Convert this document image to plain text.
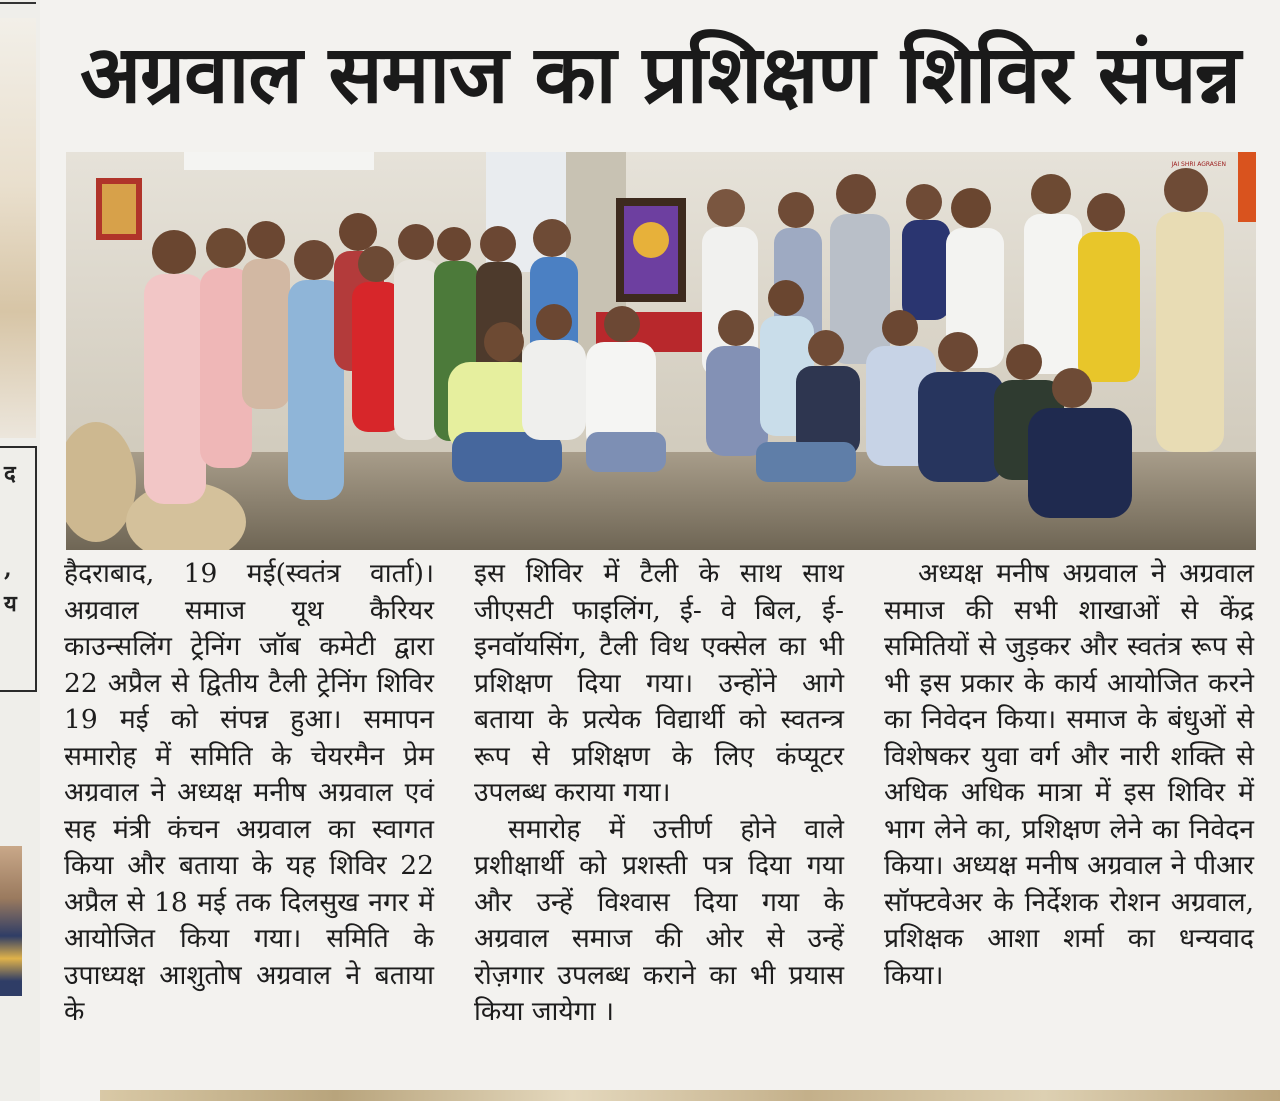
द
,
य
अग्रवाल समाज का प्रशिक्षण शिविर संपन्न
JAI SHRI AGRASEN

हैदराबाद, 19 मई(स्वतंत्र वार्ता)। अग्रवाल समाज यूथ कैरियर काउन्सलिंग ट्रेनिंग जॉब कमेटी द्वारा 22 अप्रैल से द्वितीय टैली ट्रेनिंग शिविर 19 मई को संपन्न हुआ। समापन समारोह में समिति के चेयरमैन प्रेम अग्रवाल ने अध्यक्ष मनीष अग्रवाल एवं सह मंत्री कंचन अग्रवाल का स्वागत किया और बताया के यह शिविर 22 अप्रैल से 18 मई तक दिलसुख नगर में आयोजित किया गया। समिति के उपाध्यक्ष आशुतोष अग्रवाल ने बताया के

इस शिविर में टैली के साथ साथ जीएसटी फाइलिंग, ई- वे बिल, ई-इनवॉयसिंग, टैली विथ एक्सेल का भी प्रशिक्षण दिया गया। उन्होंने आगे बताया के प्रत्येक विद्यार्थी को स्वतन्त्र रूप से प्रशिक्षण के लिए कंप्यूटर उपलब्ध कराया गया।

समारोह में उत्तीर्ण होने वाले प्रशीक्षार्थी को प्रशस्ती पत्र दिया गया और उन्हें विश्वास दिया गया के अग्रवाल समाज की ओर से उन्हें रोज़गार उपलब्ध कराने का भी प्रयास किया जायेगा ।

अध्यक्ष मनीष अग्रवाल ने अग्रवाल समाज की सभी शाखाओं से केंद्र समितियों से जुड़कर और स्वतंत्र रूप से भी इस प्रकार के कार्य आयोजित करने का निवेदन किया। समाज के बंधुओं से विशेषकर युवा वर्ग और नारी शक्ति से अधिक अधिक मात्रा में इस शिविर में भाग लेने का, प्रशिक्षण लेने का निवेदन किया। अध्यक्ष मनीष अग्रवाल ने पीआर सॉफ्टवेअर के निर्देशक रोशन अग्रवाल, प्रशिक्षक आशा शर्मा का धन्यवाद किया।
